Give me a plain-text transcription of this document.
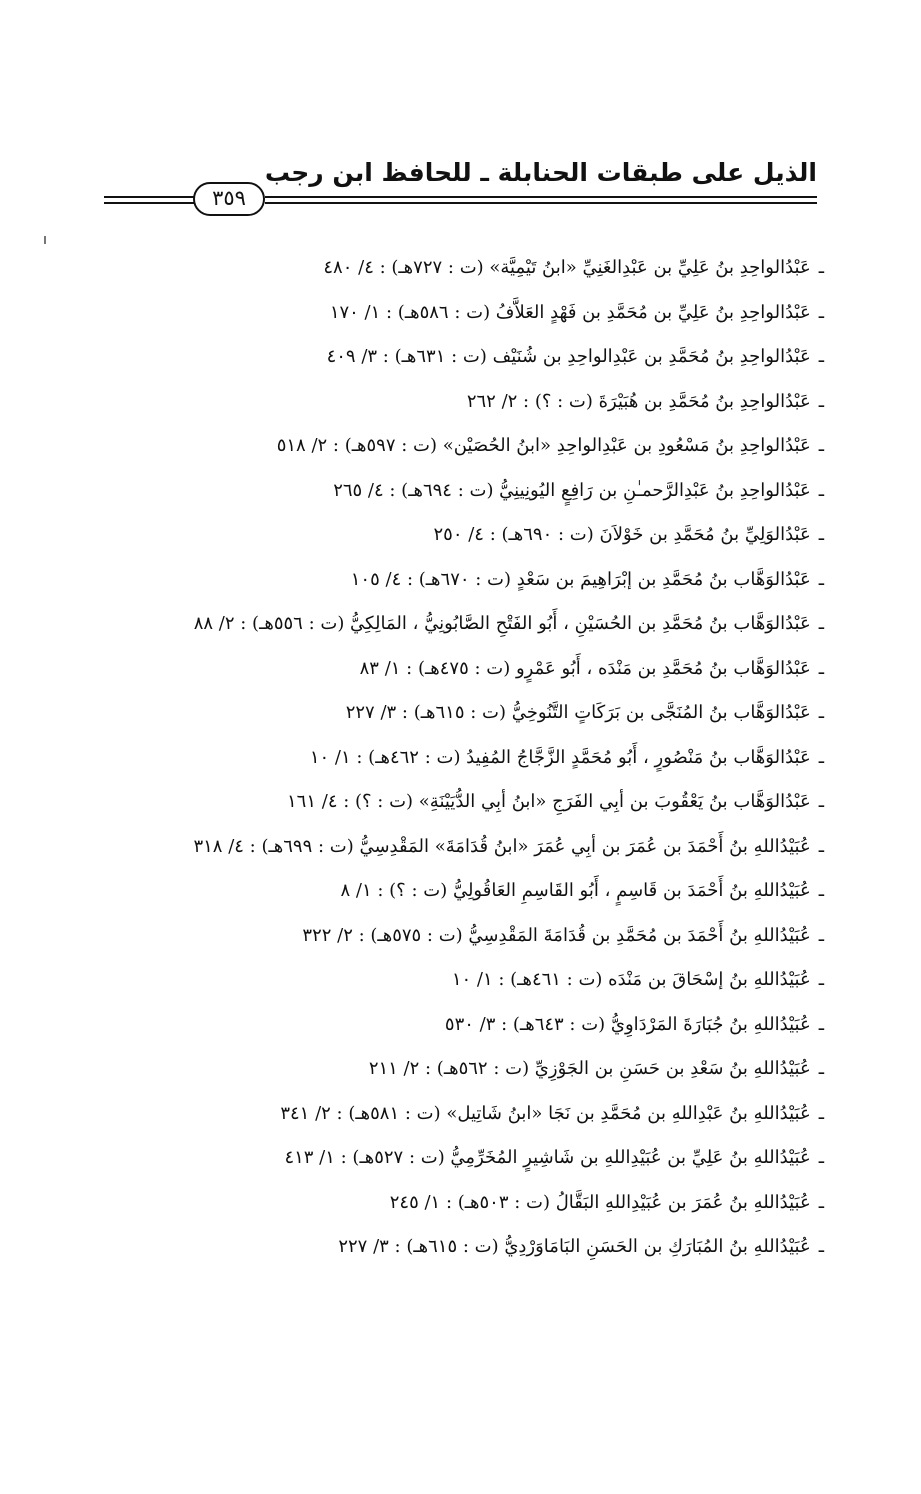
الذيل على طبقات الحنابلة ـ للحافظ ابن رجب
٣٥٩
ـعَبْدُالواحِدِ بنُ عَلِيِّ بن عَبْدِالغَنِيِّ «ابنُ تَيْمِيَّة» (ت : ٧٢٧هـ) : ٤/ ٤٨٠
ـعَبْدُالواحِدِ بنُ عَلِيِّ بن مُحَمَّدِ بن فَهْدٍ العَلاَّفُ (ت : ٥٨٦هـ) : ١/ ١٧٠
ـعَبْدُالواحِدِ بنُ مُحَمَّدِ بن عَبْدِالواحِدِ بن شُنَيْف (ت : ٦٣١هـ) : ٣/ ٤٠٩
ـعَبْدُالواحِدِ بنُ مُحَمَّدِ بن هُبَيْرَةَ (ت : ؟) : ٢/ ٢٦٢
ـعَبْدُالواحِدِ بنُ مَسْعُودِ بن عَبْدِالواحِدِ «ابنُ الحُصَيْن» (ت : ٥٩٧هـ) : ٢/ ٥١٨
ـعَبْدُالواحِدِ بنُ عَبْدِالرَّحمـٰنِ بن رَافِعٍ اليُونِينِيُّ (ت : ٦٩٤هـ) : ٤/ ٢٦٥
ـعَبْدُالوَلِيِّ بنُ مُحَمَّدِ بن خَوْلاَنَ (ت : ٦٩٠هـ) : ٤/ ٢٥٠
ـعَبْدُالوَهَّاب بنُ مُحَمَّدِ بن إبْرَاهِيمَ بن سَعْدٍ (ت : ٦٧٠هـ) : ٤/ ١٠٥
ـعَبْدُالوَهَّاب بنُ مُحَمَّدِ بن الحُسَيْنِ ، أَبُو الفَتْحِ الصَّابُونِيُّ ، المَالِكِيُّ (ت : ٥٥٦هـ) : ٢/ ٨٨
ـعَبْدُالوَهَّاب بنُ مُحَمَّدِ بن مَنْدَه ، أَبُو عَمْرٍو (ت : ٤٧٥هـ) : ١/ ٨٣
ـعَبْدُالوَهَّاب بنُ المُنَجَّى بن بَرَكَاتٍ التَّنُوخِيُّ (ت : ٦١٥هـ) : ٣/ ٢٢٧
ـعَبْدُالوَهَّاب بنُ مَنْصُورٍ ، أَبُو مُحَمَّدٍ الزَّجَّاجُ المُفِيدُ (ت : ٤٦٢هـ) : ١/ ١٠
ـعَبْدُالوَهَّاب بنُ يَعْقُوبَ بن أبِي الفَرَجِ «ابنُ أبِي الدُّيَيْنَةِ» (ت : ؟) : ٤/ ١٦١
ـعُبَيْدُاللهِ بنُ أَحْمَدَ بن عُمَرَ بن أبِي عُمَرَ «ابنُ قُدَامَةَ» المَقْدِسِيُّ (ت : ٦٩٩هـ) : ٤/ ٣١٨
ـعُبَيْدُاللهِ بنُ أَحْمَدَ بن قَاسِمٍ ، أَبُو القَاسِمِ العَاقُولِيُّ (ت : ؟) : ١/ ٨
ـعُبَيْدُاللهِ بنُ أَحْمَدَ بن مُحَمَّدِ بن قُدَامَةَ المَقْدِسِيُّ (ت : ٥٧٥هـ) : ٢/ ٣٢٢
ـعُبَيْدُاللهِ بنُ إسْحَاقَ بن مَنْدَه (ت : ٤٦١هـ) : ١/ ١٠
ـعُبَيْدُاللهِ بنُ جُبَارَةَ المَرْدَاوِيُّ (ت : ٦٤٣هـ) : ٣/ ٥٣٠
ـعُبَيْدُاللهِ بنُ سَعْدِ بن حَسَنِ بن الجَوْزِيِّ (ت : ٥٦٢هـ) : ٢/ ٢١١
ـعُبَيْدُاللهِ بنُ عَبْدِاللهِ بن مُحَمَّدِ بن نَجَا «ابنُ شَاتِيل» (ت : ٥٨١هـ) : ٢/ ٣٤١
ـعُبَيْدُاللهِ بنُ عَلِيِّ بن عُبَيْدِاللهِ بن شَاشِيرٍ المُخَرِّمِيُّ (ت : ٥٢٧هـ) : ١/ ٤١٣
ـعُبَيْدُاللهِ بنُ عُمَرَ بن عُبَيْدِاللهِ البَقَّالُ (ت : ٥٠٣هـ) : ١/ ٢٤٥
ـعُبَيْدُاللهِ بنُ المُبَارَكِ بن الحَسَنِ البَامَاوَرْدِيُّ (ت : ٦١٥هـ) : ٣/ ٢٢٧
